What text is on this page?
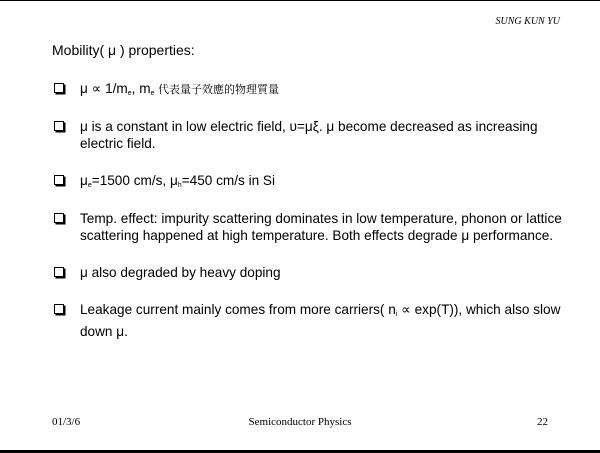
SUNG KUN YU
Mobility( μ ) properties:
$\mu \propto 1/m_e$, $m_e$ 代表量子效應的物理質量
μ is a constant in low electric field, υ=μξ. μ become decreased as increasing electric field.
$\mu_e=1500$ cm/s, $\mu_h=450$ cm/s in Si
Temp. effect: impurity scattering dominates in low temperature, phonon or lattice scattering happened at high temperature. Both effects degrade μ performance.
μ also degraded by heavy doping
Leakage current mainly comes from more carriers( $n_i \propto \exp(T)$), which also slow down μ.
01/3/6	Semiconductor Physics	22
